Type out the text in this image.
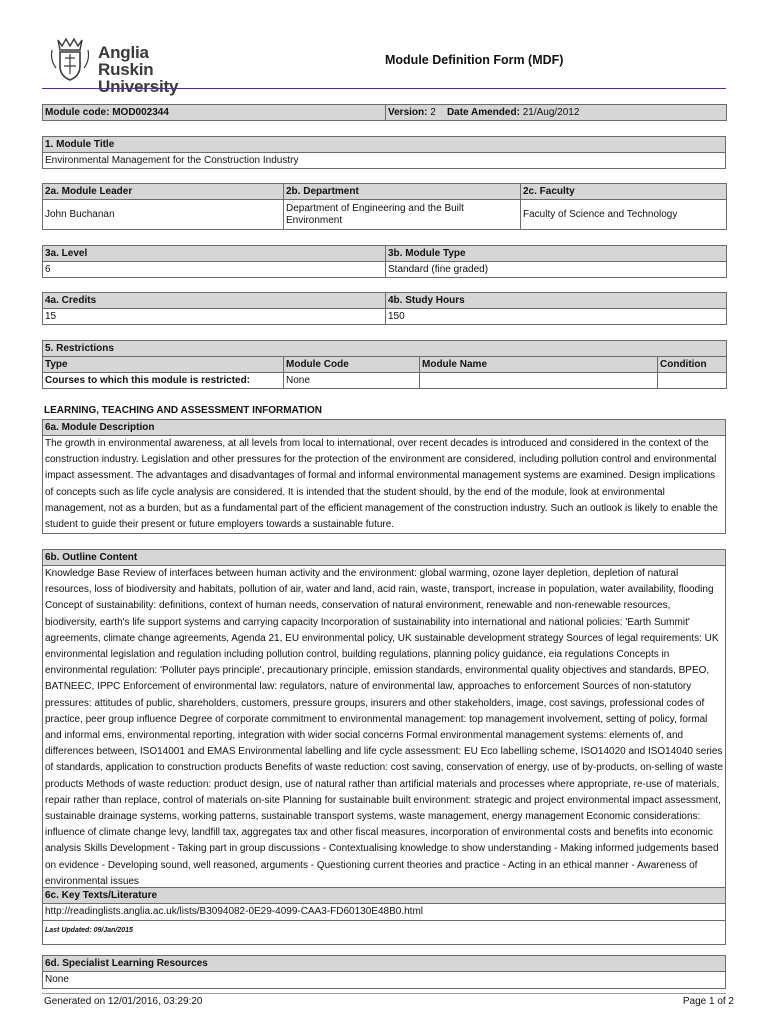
Anglia Ruskin
University
Module Definition Form (MDF)
Module code: MOD002344	Version: 2 Date Amended: 21/Aug/2012
1. Module Title
Environmental Management for the Construction Industry
2a. Module Leader	2b. Department	2c. Faculty
John Buchanan	Department of Engineering and the Built Environment	Faculty of Science and Technology
3a. Level	3b. Module Type
6	Standard (fine graded)
4a. Credits	4b. Study Hours
15	150
5. Restrictions			
Type	Module Code	Module Name	Condition
Courses to which this module is restricted:	None		
LEARNING, TEACHING AND ASSESSMENT INFORMATION
6a. Module Description
The growth in environmental awareness, at all levels from local to international, over recent decades is introduced and considered in the context of the construction industry. Legislation and other pressures for the protection of the environment are considered, including pollution control and environmental impact assessment. The advantages and disadvantages of formal and informal environmental management systems are examined. Design implications of concepts such as life cycle analysis are considered. It is intended that the student should, by the end of the module, look at environmental management, not as a burden, but as a fundamental part of the efficient management of the construction industry. Such an outlook is likely to enable the student to guide their present or future employers towards a sustainable future.
6b. Outline Content
Knowledge Base Review of interfaces between human activity and the environment: global warming, ozone layer depletion, depletion of natural resources, loss of biodiversity and habitats, pollution of air, water and land, acid rain, waste, transport, increase in population, water availability, flooding Concept of sustainability: definitions, context of human needs, conservation of natural environment, renewable and non-renewable resources, biodiversity, earth's life support systems and carrying capacity Incorporation of sustainability into international and national policies: 'Earth Summit' agreements, climate change agreements, Agenda 21, EU environmental policy, UK sustainable development strategy Sources of legal requirements: UK environmental legislation and regulation including pollution control, building regulations, planning policy guidance, eia regulations Concepts in environmental regulation: 'Polluter pays principle', precautionary principle, emission standards, environmental quality objectives and standards, BPEO, BATNEEC, IPPC Enforcement of environmental law: regulators, nature of environmental law, approaches to enforcement Sources of non-statutory pressures: attitudes of public, shareholders, customers, pressure groups, insurers and other stakeholders, image, cost savings, professional codes of practice, peer group influence Degree of corporate commitment to environmental management: top management involvement, setting of policy, formal and informal ems, environmental reporting, integration with wider social concerns Formal environmental management systems: elements of, and differences between, ISO14001 and EMAS Environmental labelling and life cycle assessment: EU Eco labelling scheme, ISO14020 and ISO14040 series of standards, application to construction products Benefits of waste reduction: cost saving, conservation of energy, use of by-products, on-selling of waste products Methods of waste reduction: product design, use of natural rather than artificial materials and processes where appropriate, re-use of materials, repair rather than replace, control of materials on-site Planning for sustainable built environment: strategic and project environmental impact assessment, sustainable drainage systems, working patterns, sustainable transport systems, waste management, energy management Economic considerations: influence of climate change levy, landfill tax, aggregates tax and other fiscal measures, incorporation of environmental costs and benefits into economic analysis Skills Development - Taking part in group discussions - Contextualising knowledge to show understanding - Making informed judgements based on evidence - Developing sound, well reasoned, arguments - Questioning current theories and practice - Acting in an ethical manner - Awareness of environmental issues
6c. Key Texts/Literature
http://readinglists.anglia.ac.uk/lists/B3094082-0E29-4099-CAA3-FD60130E48B0.html
Last Updated: 09/Jan/2015
6d. Specialist Learning Resources
None
Generated on 12/01/2016, 03:29:20	Page 1 of 2
